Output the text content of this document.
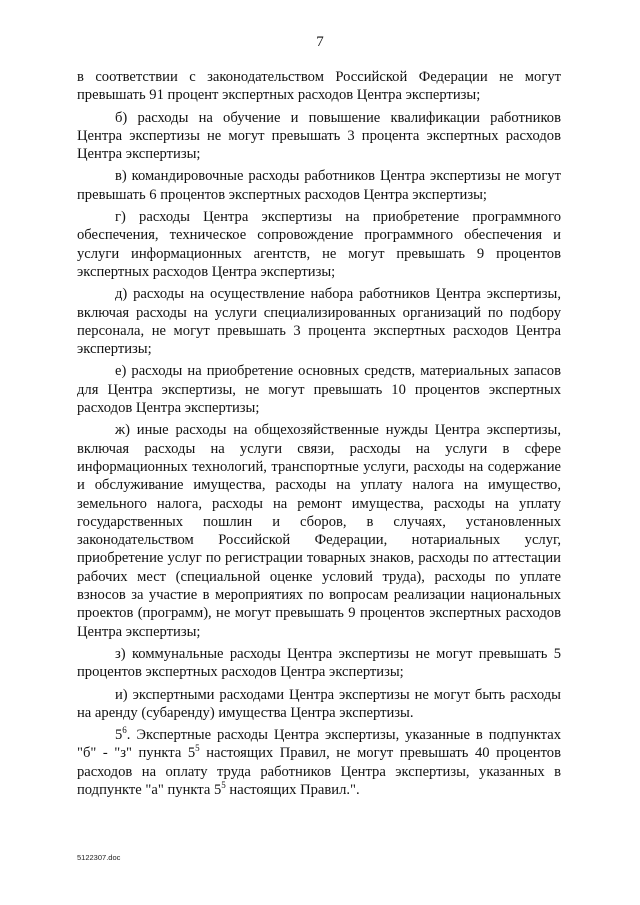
7

в соответствии с законодательством Российской Федерации не могут превышать 91 процент экспертных расходов Центра экспертизы;

б) расходы на обучение и повышение квалификации работников Центра экспертизы не могут превышать 3 процента экспертных расходов Центра экспертизы;

в) командировочные расходы работников Центра экспертизы не могут превышать 6 процентов экспертных расходов Центра экспертизы;

г) расходы Центра экспертизы на приобретение программного обеспечения, техническое сопровождение программного обеспечения и услуги информационных агентств, не могут превышать 9 процентов экспертных расходов Центра экспертизы;

д) расходы на осуществление набора работников Центра экспертизы, включая расходы на услуги специализированных организаций по подбору персонала, не могут превышать 3 процента экспертных расходов Центра экспертизы;

е) расходы на приобретение основных средств, материальных запасов для Центра экспертизы, не могут превышать 10 процентов экспертных расходов Центра экспертизы;

ж) иные расходы на общехозяйственные нужды Центра экспертизы, включая расходы на услуги связи, расходы на услуги в сфере информационных технологий, транспортные услуги, расходы на содержание и обслуживание имущества, расходы на уплату налога на имущество, земельного налога, расходы на ремонт имущества, расходы на уплату государственных пошлин и сборов, в случаях, установленных законодательством Российской Федерации, нотариальных услуг, приобретение услуг по регистрации товарных знаков, расходы по аттестации рабочих мест (специальной оценке условий труда), расходы по уплате взносов за участие в мероприятиях по вопросам реализации национальных проектов (программ), не могут превышать 9 процентов экспертных расходов Центра экспертизы;

з) коммунальные расходы Центра экспертизы не могут превышать 5 процентов экспертных расходов Центра экспертизы;

и) экспертными расходами Центра экспертизы не могут быть расходы на аренду (субаренду) имущества Центра экспертизы.

$5^6$. Экспертные расходы Центра экспертизы, указанные в подпунктах "б" - "з" пункта $5^5$ настоящих Правил, не могут превышать 40 процентов расходов на оплату труда работников Центра экспертизы, указанных в подпункте "а" пункта $5^5$ настоящих Правил.".

5122307.doc
